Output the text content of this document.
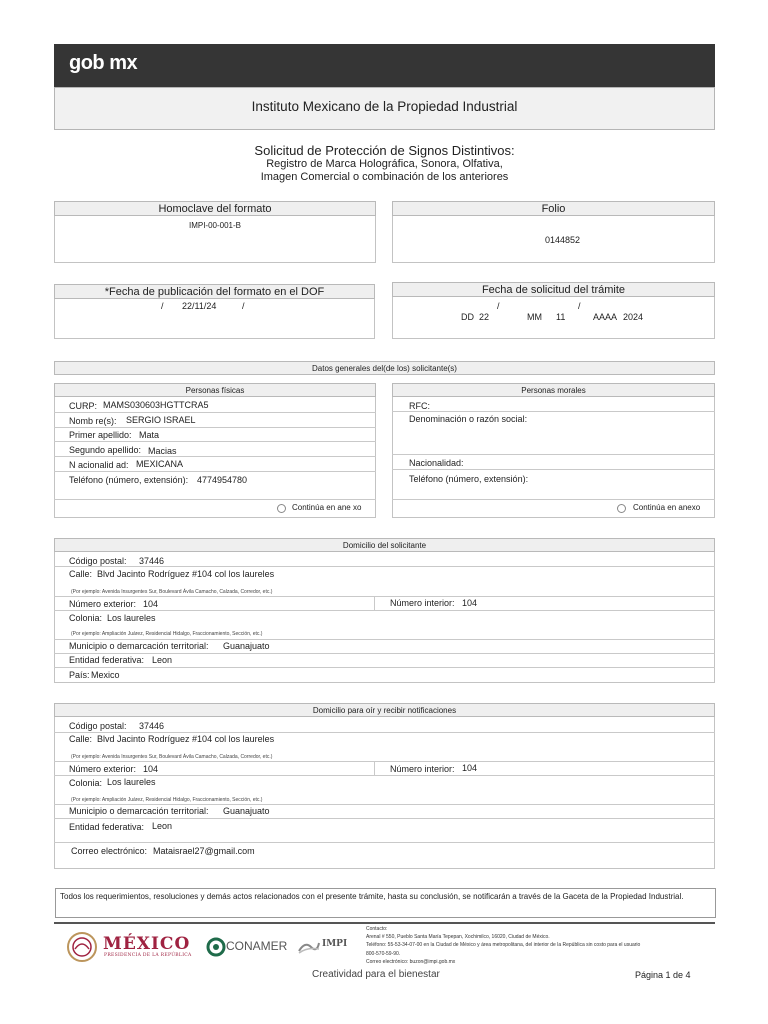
gob mx
Instituto Mexicano de la Propiedad Industrial
Solicitud de Protección de Signos Distintivos:
Registro de Marca Holográfica, Sonora, Olfativa,
Imagen Comercial o combinación de los anteriores
Homoclave del formato
IMPI-00-001-B
Folio
0144852
*Fecha de publicación del formato en el DOF
/ 22/11/24	/
Fecha de solicitud del trámite
/	/
DD 22	MM 11	AAAA 2024
Datos generales del(de los) solicitante(s)
Personas físicas
CURP: MAMS030603HGTTCRA5
Nomb re(s): SERGIO ISRAEL
Primer apellido: Mata
Segundo apellido: Macias
N acionalid ad: MEXICANA
Teléfono (número, extensión): 4774954780
Continúa en ane xo
Personas morales
RFC:
Denominación o razón social:
Nacionalidad:
Teléfono (número, extensión):
Continúa en anexo
Domicilio del solicitante
Código postal: 37446
Calle: Blvd Jacinto Rodríguez #104 col los laureles
(Por ejemplo: Avenida Insurgentes Sur, Boulevard Ávila Camacho, Calzada, Corredor, etc.)
Número exterior: 104	Número interior: 104
Colonia: Los laureles
(Por ejemplo: Ampliación Juárez, Residencial Hidalgo, Fraccionamiento, Sección, etc.)
Municipio o demarcación territorial: Guanajuato
Entidad federativa: Leon
País: Mexico
Domicilio para oír y recibir notificaciones
Código postal: 37446
Calle: Blvd Jacinto Rodríguez #104 col los laureles
(Por ejemplo: Avenida Insurgentes Sur, Boulevard Ávila Camacho, Calzada, Corredor, etc.)
Número exterior: 104	Número interior: 104
Colonia: Los laureles
(Por ejemplo: Ampliación Juárez, Residencial Hidalgo, Fraccionamiento, Sección, etc.)
Municipio o demarcación territorial: Guanajuato
Entidad federativa: Leon
Correo electrónico: Mataisrael27@gmail.com
Todos los requerimientos, resoluciones y demás actos relacionados con el presente trámite, hasta su conclusión, se notificarán a través de la Gaceta de la Propiedad Industrial.
MÉXICO
PRESIDENCIA DE LA REPÚBLICA
CONAMER	IMPI
Contacto:
Arenal # 550, Pueblo Santa María Tepepan, Xochimilco, 16020, Ciudad de México.
Teléfono: 55-53-34-07-00 en la Ciudad de México y área metropolitana, del interior de la República sin costo para el usuario
800-570-59-90.
Correo electrónico: buzon@impi.gob.mx
Creatividad para el bienestar	Página 1 de 4
